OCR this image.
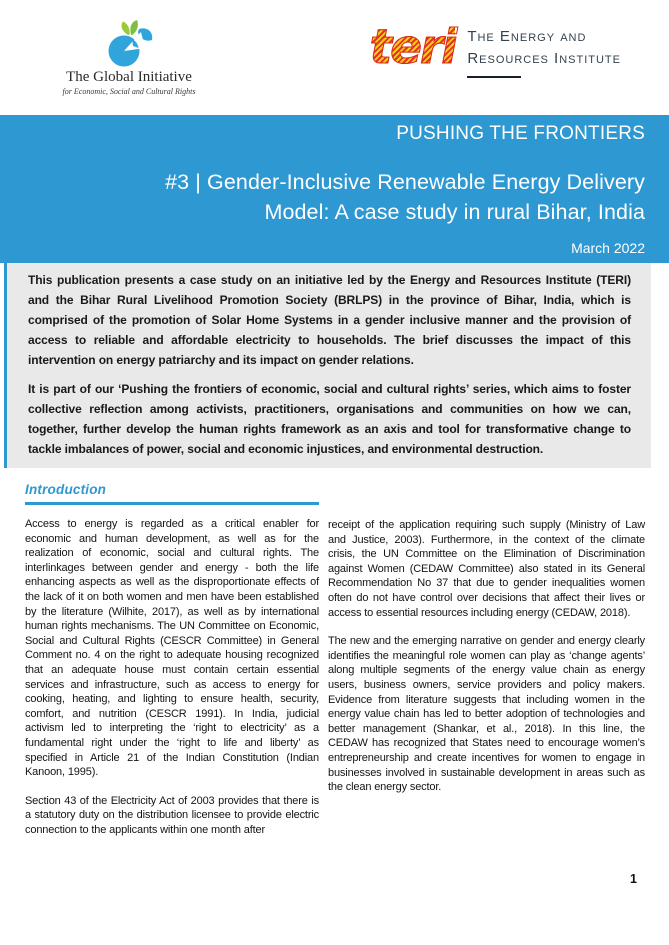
The Global Initiative
for Economic, Social and Cultural Rights
teri The Energy and
Resources Institute
PUSHING THE FRONTIERS
#3 | Gender-Inclusive Renewable Energy Delivery
Model: A case study in rural Bihar, India
March 2022

This publication presents a case study on an initiative led by the Energy and Resources Institute (TERI) and the Bihar Rural Livelihood Promotion Society (BRLPS) in the province of Bihar, India, which is comprised of the promotion of Solar Home Systems in a gender inclusive manner and the provision of access to reliable and affordable electricity to households. The brief discusses the impact of this intervention on energy patriarchy and its impact on gender relations.

It is part of our ‘Pushing the frontiers of economic, social and cultural rights’ series, which aims to foster collective reflection among activists, practitioners, organisations and communities on how we can, together, further develop the human rights framework as an axis and tool for transformative change to tackle imbalances of power, social and economic injustices, and environmental destruction.

Introduction

Access to energy is regarded as a critical enabler for economic and human development, as well as for the realization of economic, social and cultural rights. The interlinkages between gender and energy - both the life enhancing aspects as well as the disproportionate effects of the lack of it on both women and men have been established by the literature (Wilhite, 2017), as well as by international human rights mechanisms. The UN Committee on Economic, Social and Cultural Rights (CESCR Committee) in General Comment no. 4 on the right to adequate housing recognized that an adequate house must contain certain essential services and infrastructure, such as access to energy for cooking, heating, and lighting to ensure health, security, comfort, and nutrition (CESCR 1991). In India, judicial activism led to interpreting the ‘right to electricity’ as a fundamental right under the ‘right to life and liberty’ as specified in Article 21 of the Indian Constitution (Indian Kanoon, 1995).

Section 43 of the Electricity Act of 2003 provides that there is a statutory duty on the distribution licensee to provide electric connection to the applicants within one month after

receipt of the application requiring such supply (Ministry of Law and Justice, 2003). Furthermore, in the context of the climate crisis, the UN Committee on the Elimination of Discrimination against Women (CEDAW Committee) also stated in its General Recommendation No 37 that due to gender inequalities women often do not have control over decisions that affect their lives or access to essential resources including energy (CEDAW, 2018).

The new and the emerging narrative on gender and energy clearly identifies the meaningful role women can play as ‘change agents’ along multiple segments of the energy value chain as energy users, business owners, service providers and policy makers. Evidence from literature suggests that including women in the energy value chain has led to better adoption of technologies and better management (Shankar, et al., 2018). In this line, the CEDAW has recognized that States need to encourage women’s entrepreneurship and create incentives for women to engage in businesses involved in sustainable development in areas such as the clean energy sector.

1
